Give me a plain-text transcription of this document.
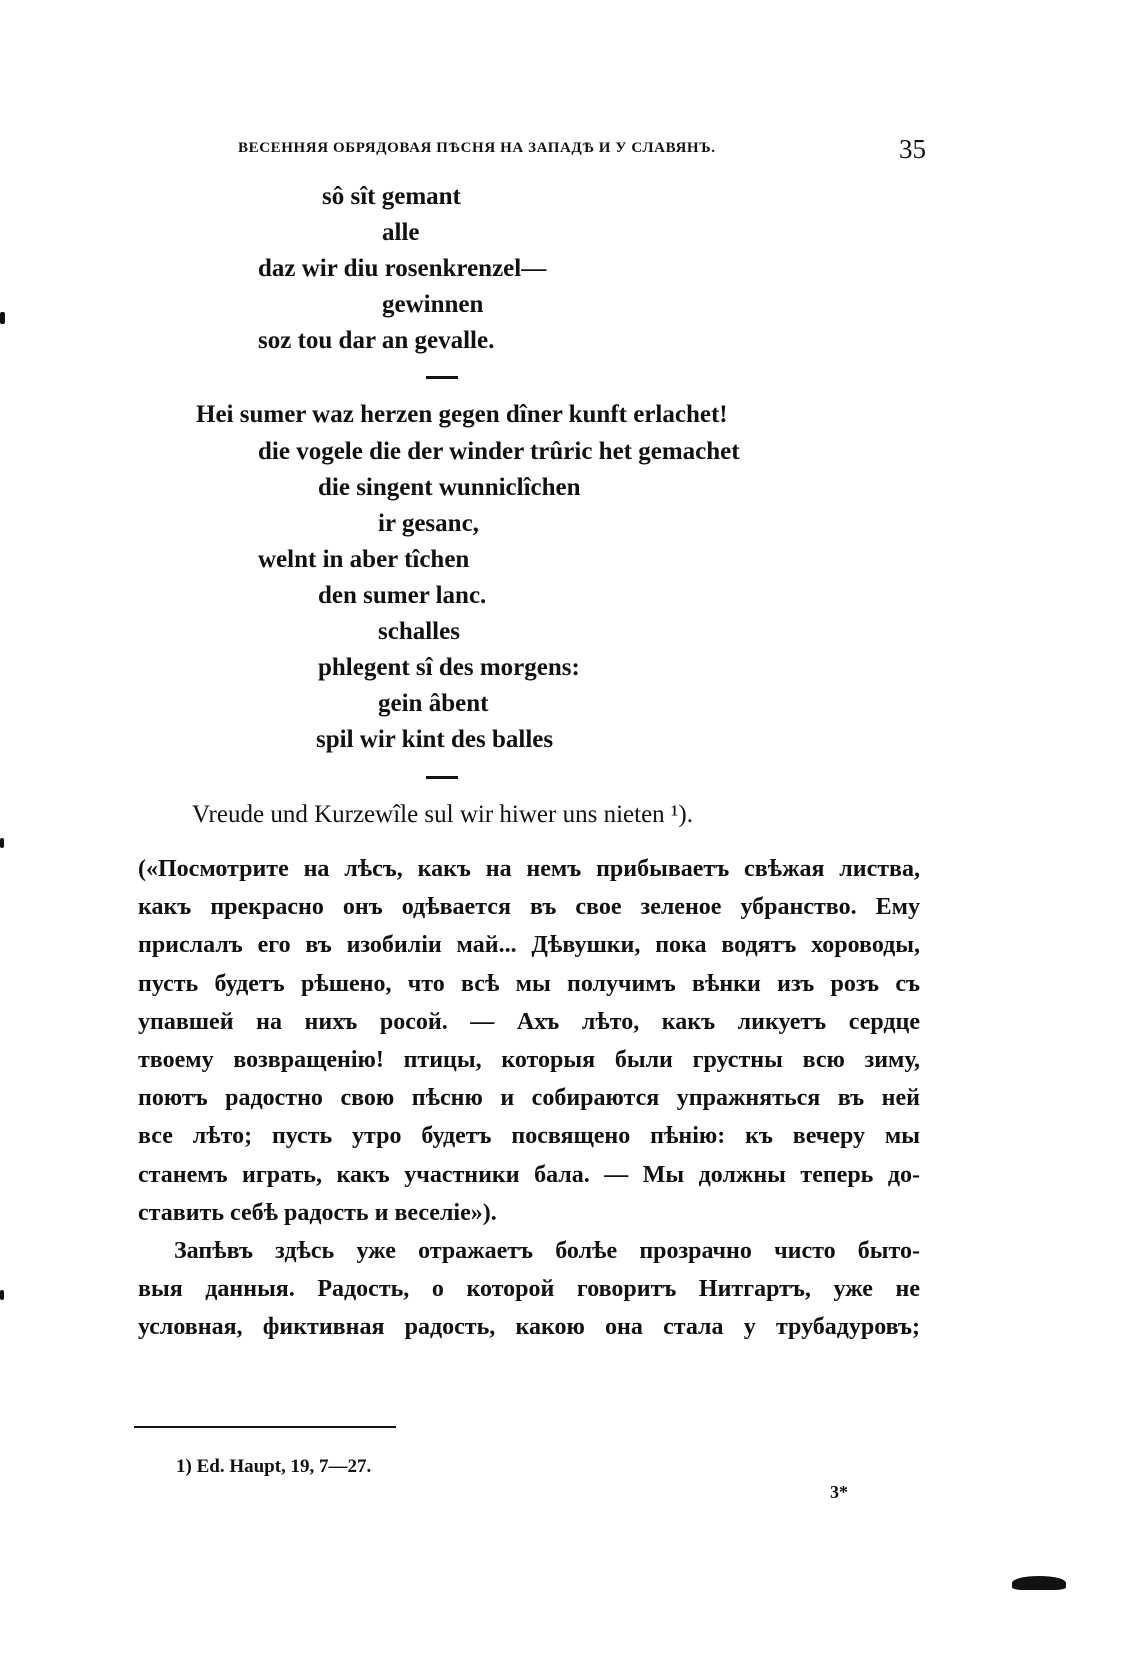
ВЕСЕННЯЯ ОБРЯДОВАЯ ПѢСНЯ НА ЗАПАДѢ И У СЛАВЯНЪ.	35
sô sît gemant
alle
daz wir diu rosenkrenzel—
gewinnen
soz tou dar an gevalle.
Hei sumer waz herzen gegen dîner kunft erlachet!
die vogele die der winder trûric het gemachet
die singent wunniclîchen
ir gesanc,
welnt in aber tîchen
den sumer lanc.
schalles
phlegent sî des morgens:
gein âbent
spil wir kint des balles
Vreude und Kurzewîle sul wir hiwer uns nieten ¹).
(«Посмотрите на лѣсъ, какъ на немъ прибываетъ свѣжая листва,
какъ прекрасно онъ одѣвается въ свое зеленое убранство. Ему
прислалъ его въ изобиліи май... Дѣвушки, пока водятъ хороводы,
пусть будетъ рѣшено, что всѣ мы получимъ вѣнки изъ розъ съ
упавшей на нихъ росой. — Ахъ лѣто, какъ ликуетъ сердце
твоему возвращенію! птицы, которыя были грустны всю зиму,
поютъ радостно свою пѣсню и собираются упражняться въ ней
все лѣто; пусть утро будетъ посвящено пѣнію: къ вечеру мы
станемъ играть, какъ участники бала. — Мы должны теперь до-
ставить себѣ радость и веселіе»).
Запѣвъ здѣсь уже отражаетъ болѣе прозрачно чисто быто-
выя данныя. Радость, о которой говоритъ Нитгартъ, уже не
условная, фиктивная радость, какою она стала у трубадуровъ;
1) Ed. Haupt, 19, 7—27.
3*
